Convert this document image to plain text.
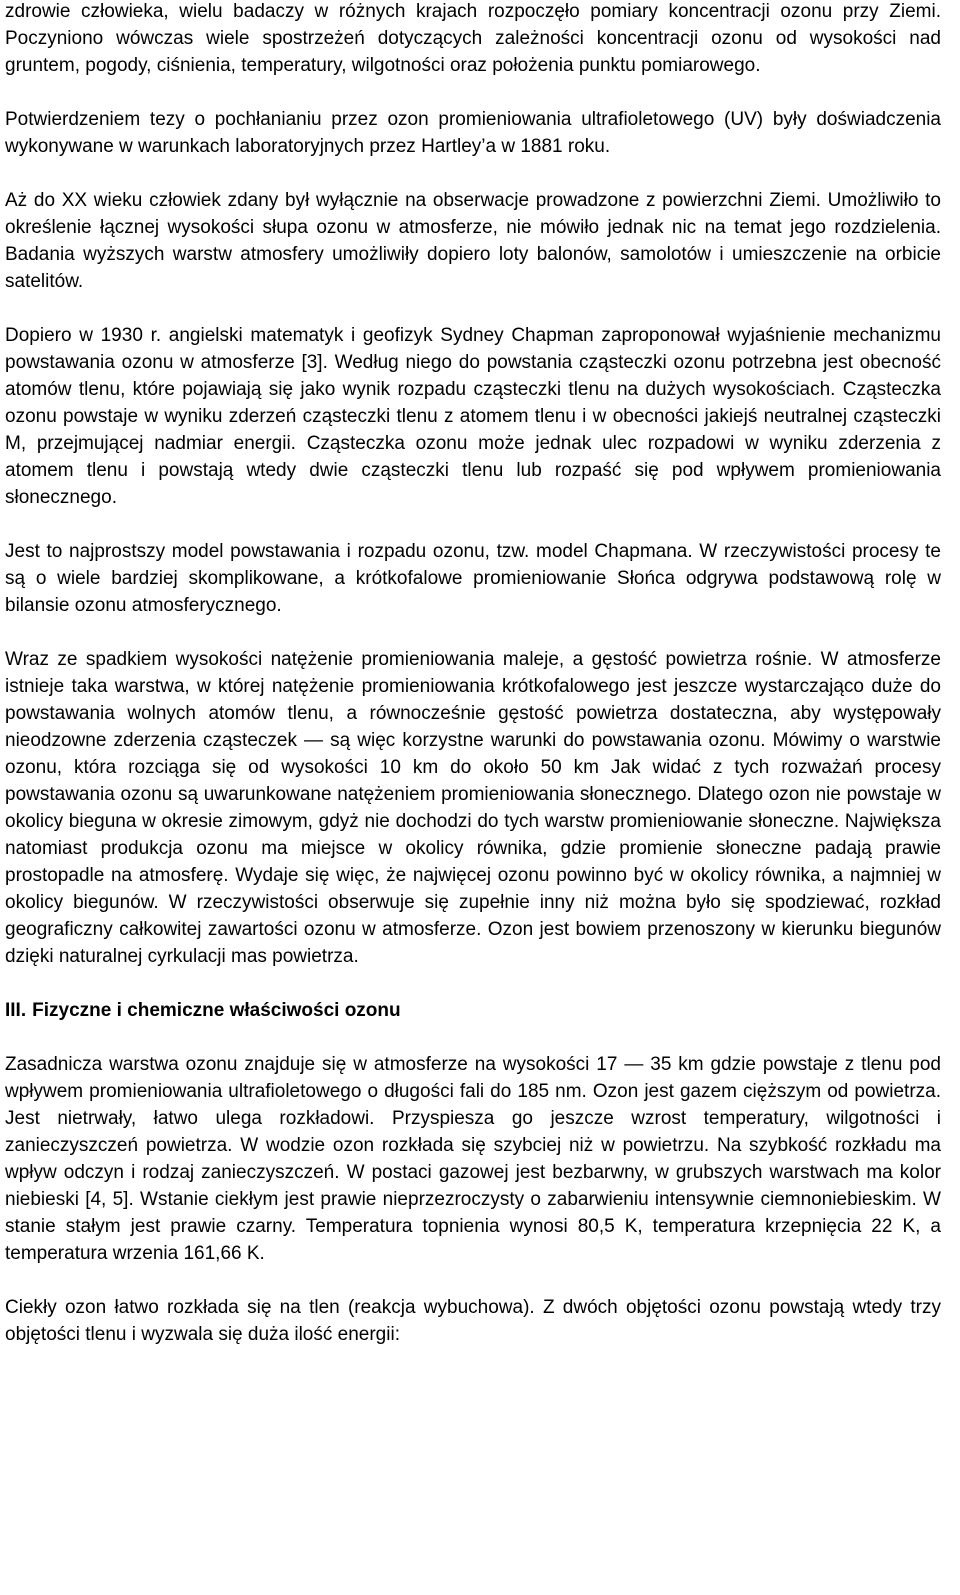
zdrowie człowieka, wielu badaczy w różnych krajach rozpoczęło pomiary koncentracji ozonu przy Ziemi. Poczyniono wówczas wiele spostrzeżeń dotyczących zależności koncentracji ozonu od wysokości nad gruntem, pogody, ciśnienia, temperatury, wilgotności oraz położenia punktu pomiarowego.

Potwierdzeniem tezy o pochłanianiu przez ozon promieniowania ultrafioletowego (UV) były doświadczenia wykonywane w warunkach laboratoryjnych przez Hartley’a w 1881 roku.

Aż do XX wieku człowiek zdany był wyłącznie na obserwacje prowadzone z powierzchni Ziemi. Umożliwiło to określenie łącznej wysokości słupa ozonu w atmosferze, nie mówiło jednak nic na temat jego rozdzielenia. Badania wyższych warstw atmosfery umożliwiły dopiero loty balonów, samolotów i umieszczenie na orbicie satelitów.

Dopiero w 1930 r. angielski matematyk i geofizyk Sydney Chapman zaproponował wyjaśnienie mechanizmu powstawania ozonu w atmosferze [3]. Według niego do powstania cząsteczki ozonu potrzebna jest obecność atomów tlenu, które pojawiają się jako wynik rozpadu cząsteczki tlenu na dużych wysokościach. Cząsteczka ozonu powstaje w wyniku zderzeń cząsteczki tlenu z atomem tlenu i w obecności jakiejś neutralnej cząsteczki M, przejmującej nadmiar energii. Cząsteczka ozonu może jednak ulec rozpadowi w wyniku zderzenia z atomem tlenu i powstają wtedy dwie cząsteczki tlenu lub rozpaść się pod wpływem promieniowania słonecznego.

Jest to najprostszy model powstawania i rozpadu ozonu, tzw. model Chapmana. W rzeczywistości procesy te są o wiele bardziej skomplikowane, a krótkofalowe promieniowanie Słońca odgrywa podstawową rolę w bilansie ozonu atmosferycznego.

Wraz ze spadkiem wysokości natężenie promieniowania maleje, a gęstość powietrza rośnie. W atmosferze istnieje taka warstwa, w której natężenie promieniowania krótkofalowego jest jeszcze wystarczająco duże do powstawania wolnych atomów tlenu, a równocześnie gęstość powietrza dostateczna, aby występowały nieodzowne zderzenia cząsteczek — są więc korzystne warunki do powstawania ozonu. Mówimy o warstwie ozonu, która rozciąga się od wysokości 10 km do około 50 km Jak widać z tych rozważań procesy powstawania ozonu są uwarunkowane natężeniem promieniowania słonecznego. Dlatego ozon nie powstaje w okolicy bieguna w okresie zimowym, gdyż nie dochodzi do tych warstw promieniowanie słoneczne. Największa natomiast produkcja ozonu ma miejsce w okolicy równika, gdzie promienie słoneczne padają prawie prostopadle na atmosferę. Wydaje się więc, że najwięcej ozonu powinno być w okolicy równika, a najmniej w okolicy biegunów. W rzeczywistości obserwuje się zupełnie inny niż można było się spodziewać, rozkład geograficzny całkowitej zawartości ozonu w atmosferze. Ozon jest bowiem przenoszony w kierunku biegunów dzięki naturalnej cyrkulacji mas powietrza.

III. Fizyczne i chemiczne właściwości ozonu

Zasadnicza warstwa ozonu znajduje się w atmosferze na wysokości 17 — 35 km gdzie powstaje z tlenu pod wpływem promieniowania ultrafioletowego o długości fali do 185 nm. Ozon jest gazem cięższym od powietrza. Jest nietrwały, łatwo ulega rozkładowi. Przyspiesza go jeszcze wzrost temperatury, wilgotności i zanieczyszczeń powietrza. W wodzie ozon rozkłada się szybciej niż w powietrzu. Na szybkość rozkładu ma wpływ odczyn i rodzaj zanieczyszczeń. W postaci gazowej jest bezbarwny, w grubszych warstwach ma kolor niebieski [4, 5]. Wstanie ciekłym jest prawie nieprzezroczysty o zabarwieniu intensywnie ciemnoniebieskim. W stanie stałym jest prawie czarny. Temperatura topnienia wynosi 80,5 K, temperatura krzepnięcia 22 K, a temperatura wrzenia 161,66 K.

Ciekły ozon łatwo rozkłada się na tlen (reakcja wybuchowa). Z dwóch objętości ozonu powstają wtedy trzy objętości tlenu i wyzwala się duża ilość energii:
